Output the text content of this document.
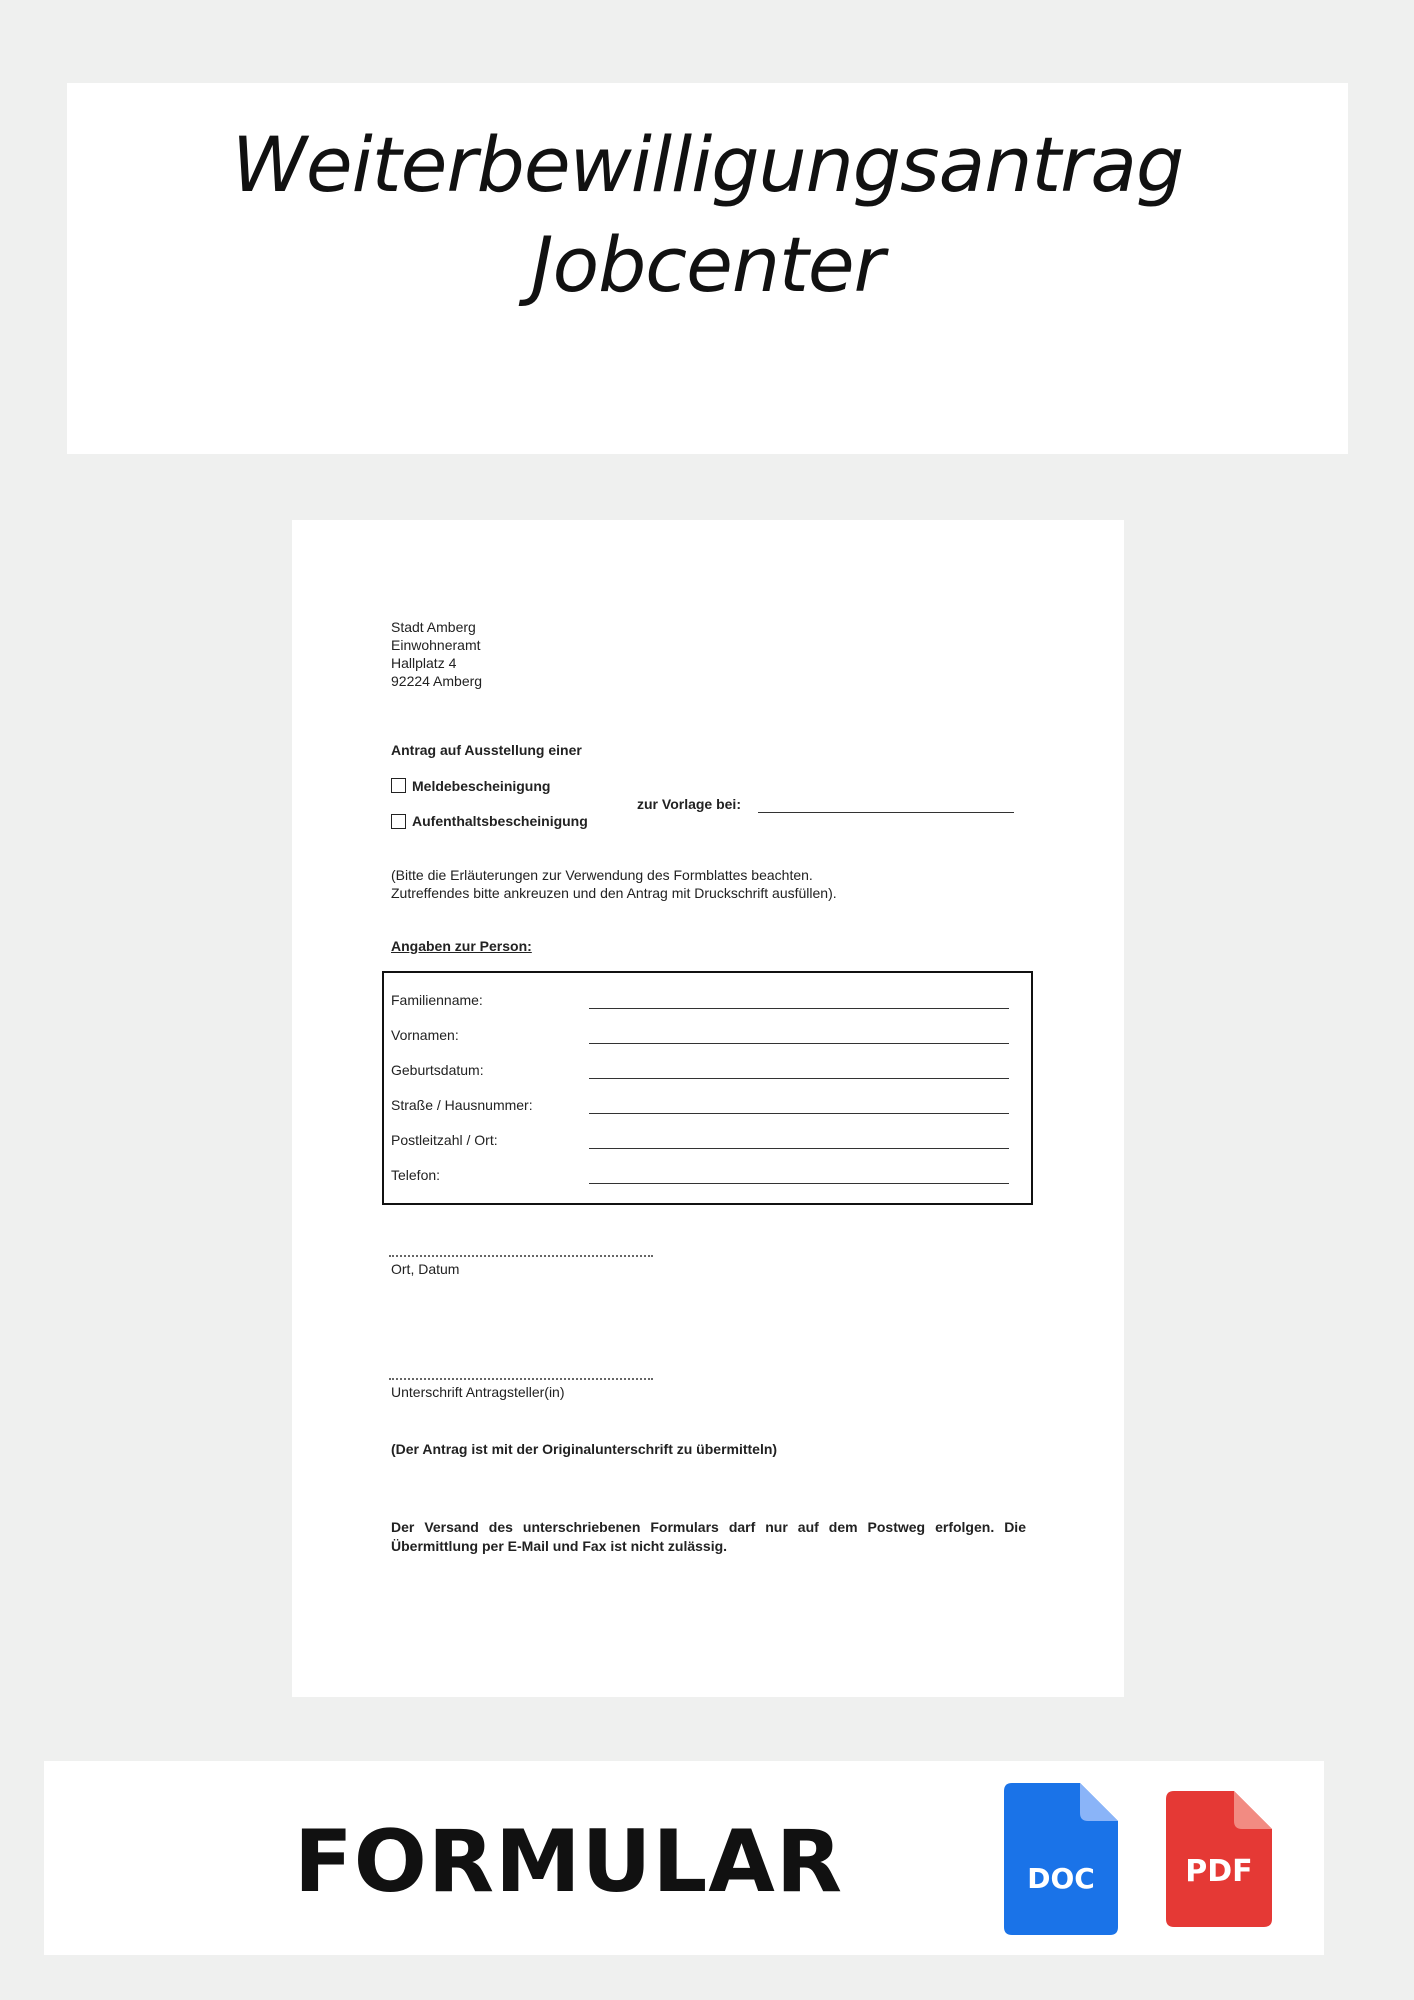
Weiterbewilligungsantrag
Jobcenter
Stadt Amberg
Einwohneramt
Hallplatz 4
92224 Amberg
Antrag auf Ausstellung einer
Meldebescheinigung
Aufenthaltsbescheinigung
zur Vorlage bei:
(Bitte die Erläuterungen zur Verwendung des Formblattes beachten.
Zutreffendes bitte ankreuzen und den Antrag mit Druckschrift ausfüllen).
Angaben zur Person:
Familienname:
Vornamen:
Geburtsdatum:
Straße / Hausnummer:
Postleitzahl / Ort:
Telefon:
Ort, Datum
Unterschrift Antragsteller(in)
(Der Antrag ist mit der Originalunterschrift zu übermitteln)
Der Versand des unterschriebenen Formulars darf nur auf dem Postweg erfolgen. Die Übermittlung per E-Mail und Fax ist nicht zulässig.
FORMULAR	DOC	PDF
